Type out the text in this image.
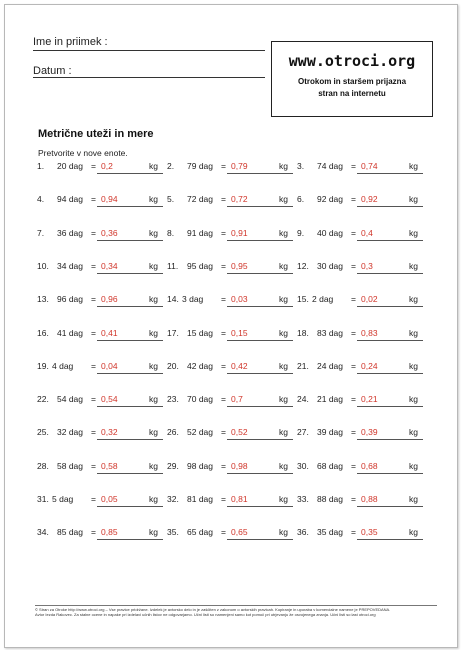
Ime in priimek :
Datum :
www.otroci.org
Otrokom in staršem prijazna
stran na internetu
Metrične uteži in mere
Pretvorite v nove enote.
1. 20 dag = 0,2	kg 2. 79 dag = 0,79	kg 3. 74 dag = 0,74	kg
4. 94 dag = 0,94	kg 5. 72 dag = 0,72	kg 6. 92 dag = 0,92	kg
7. 36 dag = 0,36	kg 8. 91 dag = 0,91	kg 9. 40 dag = 0,4	kg
10. 34 dag = 0,34	kg 11. 95 dag = 0,95	kg 12. 30 dag = 0,3	kg
13. 96 dag = 0,96	kg 14. 3 dag = 0,03	kg 15. 2 dag = 0,02	kg
16. 41 dag = 0,41	kg 17. 15 dag = 0,15	kg 18. 83 dag = 0,83	kg
19. 4 dag = 0,04	kg 20. 42 dag = 0,42	kg 21. 24 dag = 0,24	kg
22. 54 dag = 0,54	kg 23. 70 dag = 0,7	kg 24. 21 dag = 0,21	kg
25. 32 dag = 0,32	kg 26. 52 dag = 0,52	kg 27. 39 dag = 0,39	kg
28. 58 dag = 0,58	kg 29. 98 dag = 0,98	kg 30. 68 dag = 0,68	kg
31. 5 dag = 0,05	kg 32. 81 dag = 0,81	kg 33. 88 dag = 0,88	kg
34. 85 dag = 0,85	kg 35. 65 dag = 0,65	kg 36. 35 dag = 0,35	kg
© Stran za Otroke http://www.otroci.org – Vse pravice pridržane. Izdelek je avtorsko delo in je zaščiten z zakonom o avtorskih pravicah. Kopiranje in uporaba v komercialne namene je PREPOVEDANA.
Avtor Iezda Rakovec. Za stalne ocene in napake pri izdelavi učnih listov ne odgovarjamo. Učni listi so namenjeni samo kot pomoč pri utrjevanju že osvojenega znanja. Učni listi so last otroci.org
